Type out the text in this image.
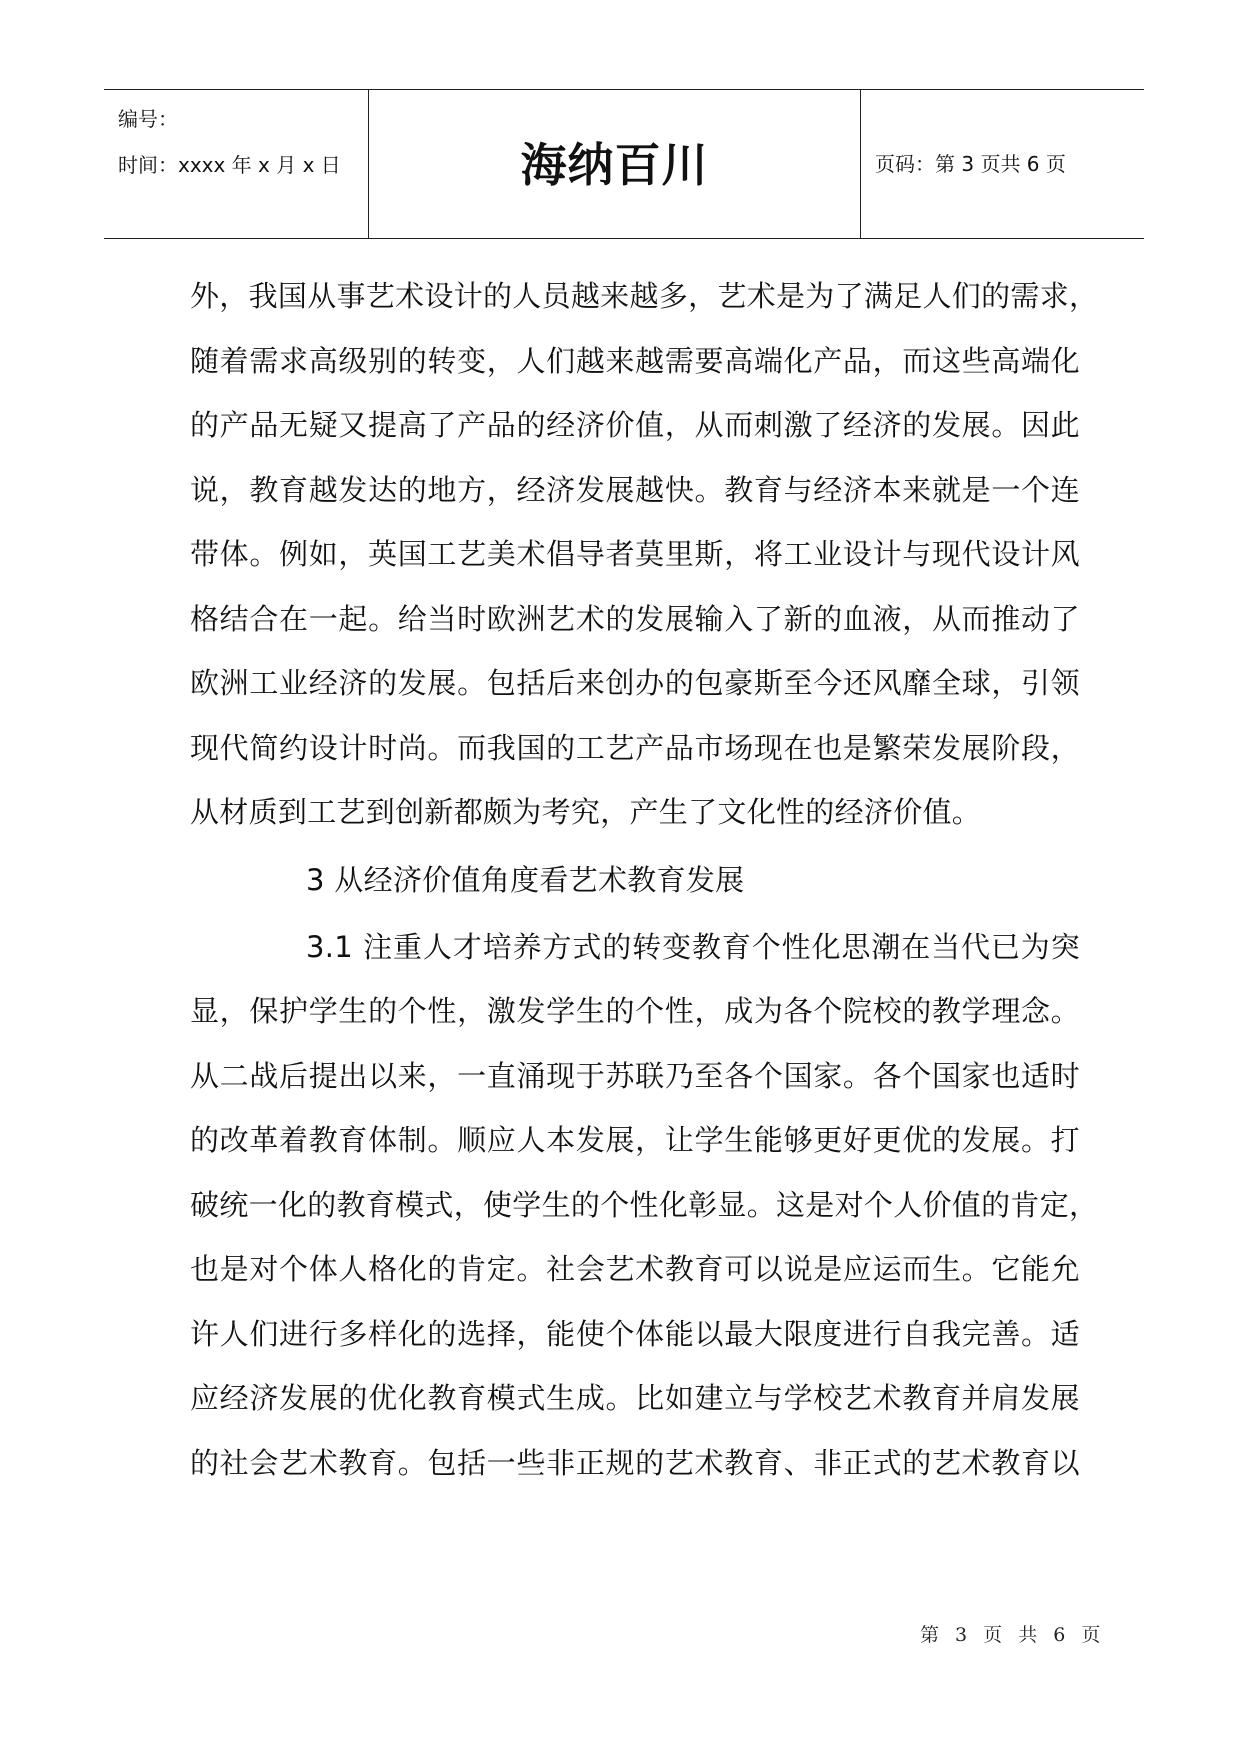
编号：
时间：xxxx 年 x 月 x 日	海纳百川	页码：第 3 页共 6 页
外，我国从事艺术设计的人员越来越多，艺术是为了满足人们的需求，
随着需求高级别的转变，人们越来越需要高端化产品，而这些高端化
的产品无疑又提高了产品的经济价值，从而刺激了经济的发展。因此
说，教育越发达的地方，经济发展越快。教育与经济本来就是一个连
带体。例如，英国工艺美术倡导者莫里斯，将工业设计与现代设计风
格结合在一起。给当时欧洲艺术的发展输入了新的血液，从而推动了
欧洲工业经济的发展。包括后来创办的包豪斯至今还风靡全球，引领
现代简约设计时尚。而我国的工艺产品市场现在也是繁荣发展阶段，
从材质到工艺到创新都颇为考究，产生了文化性的经济价值。
3 从经济价值角度看艺术教育发展
3.1 注重人才培养方式的转变教育个性化思潮在当代已为突
显，保护学生的个性，激发学生的个性，成为各个院校的教学理念。
从二战后提出以来，一直涌现于苏联乃至各个国家。各个国家也适时
的改革着教育体制。顺应人本发展，让学生能够更好更优的发展。打
破统一化的教育模式，使学生的个性化彰显。这是对个人价值的肯定，
也是对个体人格化的肯定。社会艺术教育可以说是应运而生。它能允
许人们进行多样化的选择，能使个体能以最大限度进行自我完善。适
应经济发展的优化教育模式生成。比如建立与学校艺术教育并肩发展
的社会艺术教育。包括一些非正规的艺术教育、非正式的艺术教育以
第 3 页 共 6 页
